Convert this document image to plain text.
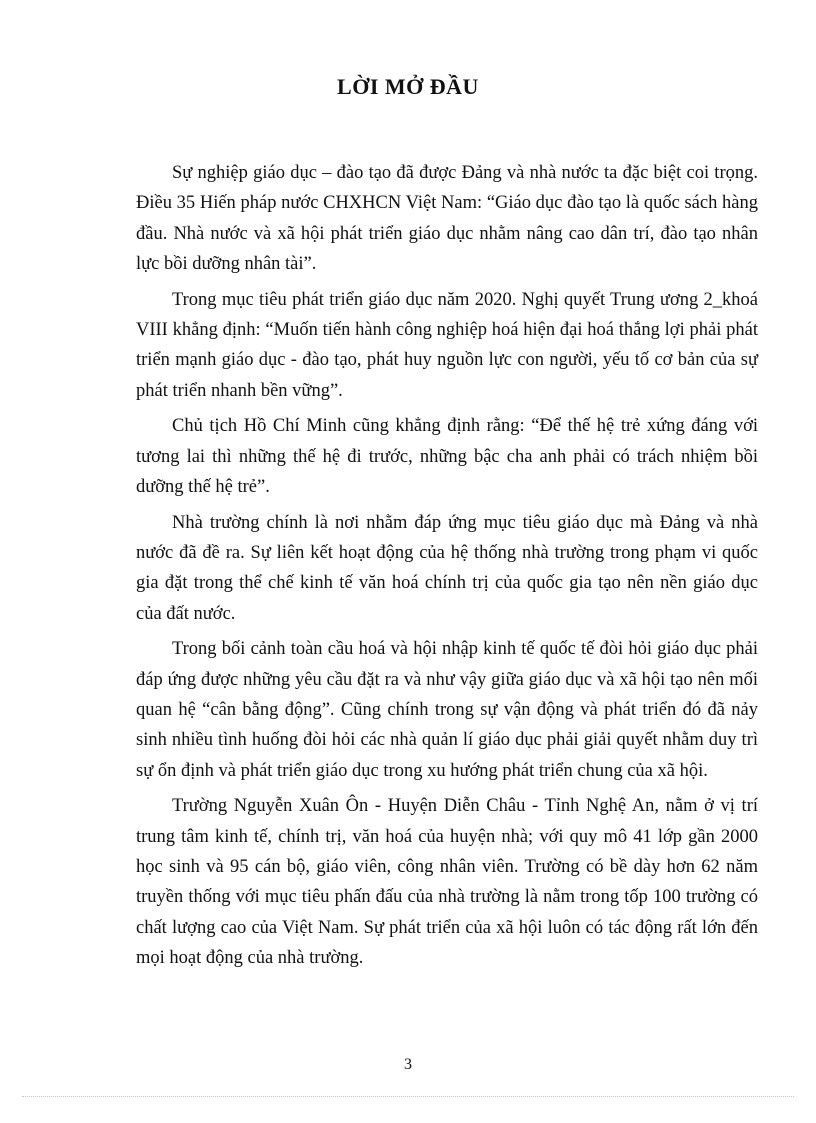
LỜI MỞ ĐẦU

Sự nghiệp giáo dục – đào tạo đã được Đảng và nhà nước ta đặc biệt coi trọng. Điều 35 Hiến pháp nước CHXHCN Việt Nam: “Giáo dục đào tạo là quốc sách hàng đầu. Nhà nước và xã hội phát triển giáo dục nhằm nâng cao dân trí, đào tạo nhân lực bồi dưỡng nhân tài”.

Trong mục tiêu phát triển giáo dục năm 2020. Nghị quyết Trung ương 2_khoá VIII khẳng định: “Muốn tiến hành công nghiệp hoá hiện đại hoá thắng lợi phải phát triển mạnh giáo dục - đào tạo, phát huy nguồn lực con người, yếu tố cơ bản của sự phát triển nhanh bền vững”.

Chủ tịch Hồ Chí Minh cũng khẳng định rằng: “Để thế hệ trẻ xứng đáng với tương lai thì những thế hệ đi trước, những bậc cha anh phải có trách nhiệm bồi dưỡng thế hệ trẻ”.

Nhà trường chính là nơi nhằm đáp ứng mục tiêu giáo dục mà Đảng và nhà nước đã đề ra. Sự liên kết hoạt động của hệ thống nhà trường trong phạm vi quốc gia đặt trong thể chế kinh tế văn hoá chính trị của quốc gia tạo nên nền giáo dục của đất nước.

Trong bối cảnh toàn cầu hoá và hội nhập kinh tế quốc tế đòi hỏi giáo dục phải đáp ứng được những yêu cầu đặt ra và như vậy giữa giáo dục và xã hội tạo nên mối quan hệ “cân bằng động”. Cũng chính trong sự vận động và phát triển đó đã nảy sinh nhiều tình huống đòi hỏi các nhà quản lí giáo dục phải giải quyết nhằm duy trì sự ổn định và phát triển giáo dục trong xu hướng phát triển chung của xã hội.

Trường Nguyễn Xuân Ôn - Huyện Diễn Châu - Tỉnh Nghệ An, nằm ở vị trí trung tâm kinh tế, chính trị, văn hoá của huyện nhà; với quy mô 41 lớp gần 2000 học sinh và 95 cán bộ, giáo viên, công nhân viên. Trường có bề dày hơn 62 năm truyền thống với mục tiêu phấn đấu của nhà trường là nằm trong tốp 100 trường có chất lượng cao của Việt Nam. Sự phát triển của xã hội luôn có tác động rất lớn đến mọi hoạt động của nhà trường.

3
